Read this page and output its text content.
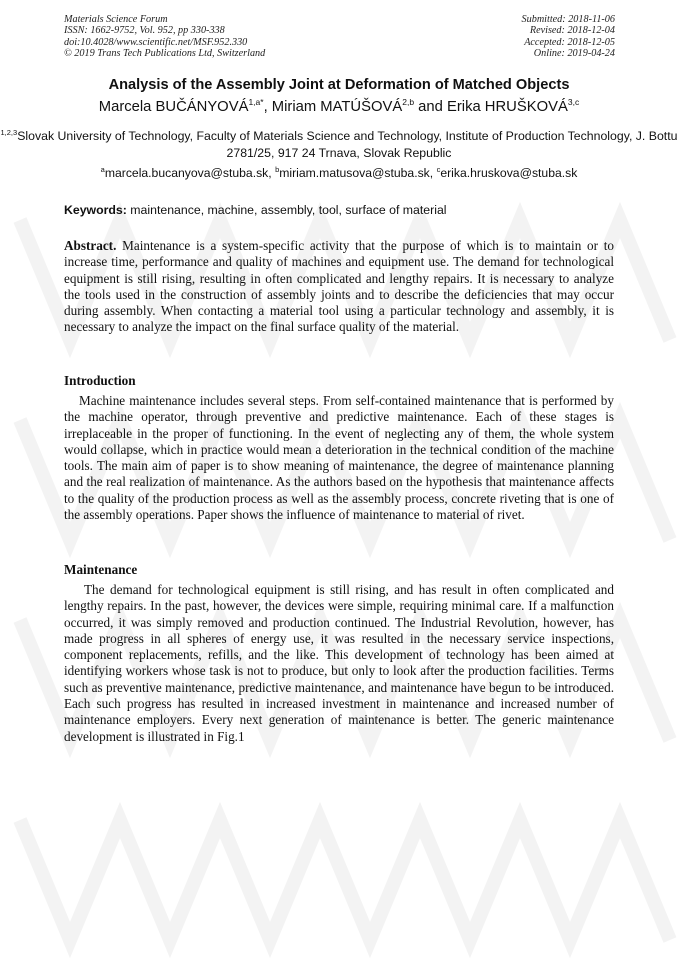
Materials Science Forum
ISSN: 1662-9752, Vol. 952, pp 330-338
doi:10.4028/www.scientific.net/MSF.952.330
© 2019 Trans Tech Publications Ltd, Switzerland
Submitted: 2018-11-06
Revised: 2018-12-04
Accepted: 2018-12-05
Online: 2019-04-24
Analysis of the Assembly Joint at Deformation of Matched Objects
Marcela $BUČÁNYOVÁ^{1,a*}$, Miriam MATÚŠOVÁ$^{2,b}$ and Erika HRUŠKOVÁ$^{3,c}$
$^{1,2,3}$Slovak University of Technology, Faculty of Materials Science and Technology, Institute of Production Technology, J. Bottu 2781/25, 917 24 Trnava, Slovak Republic
$^a$marcela.bucanyova@stuba.sk, $^b$miriam.matusova@stuba.sk, $^c$erika.hruskova@stuba.sk
Keywords: maintenance, machine, assembly, tool, surface of material
Abstract. Maintenance is a system-specific activity that the purpose of which is to maintain or to increase time, performance and quality of machines and equipment use. The demand for technological equipment is still rising, resulting in often complicated and lengthy repairs. It is necessary to analyze the tools used in the construction of assembly joints and to describe the deficiencies that may occur during assembly. When contacting a material tool using a particular technology and assembly, it is necessary to analyze the impact on the final surface quality of the material.
Introduction
Machine maintenance includes several steps. From self-contained maintenance that is performed by the machine operator, through preventive and predictive maintenance. Each of these stages is irreplaceable in the proper of functioning. In the event of neglecting any of them, the whole system would collapse, which in practice would mean a deterioration in the technical condition of the machine tools. The main aim of paper is to show meaning of maintenance, the degree of maintenance planning and the real realization of maintenance. As the authors based on the hypothesis that maintenance affects to the quality of the production process as well as the assembly process, concrete riveting that is one of the assembly operations. Paper shows the influence of maintenance to material of rivet.
Maintenance
The demand for technological equipment is still rising, and has result in often complicated and lengthy repairs. In the past, however, the devices were simple, requiring minimal care. If a malfunction occurred, it was simply removed and production continued. The Industrial Revolution, however, has made progress in all spheres of energy use, it was resulted in the necessary service inspections, component replacements, refills, and the like. This development of technology has been aimed at identifying workers whose task is not to produce, but only to look after the production facilities. Terms such as preventive maintenance, predictive maintenance, and maintenance have begun to be introduced. Each such progress has resulted in increased investment in maintenance and increased number of maintenance employers. Every next generation of maintenance is better. The generic maintenance development is illustrated in Fig.1
